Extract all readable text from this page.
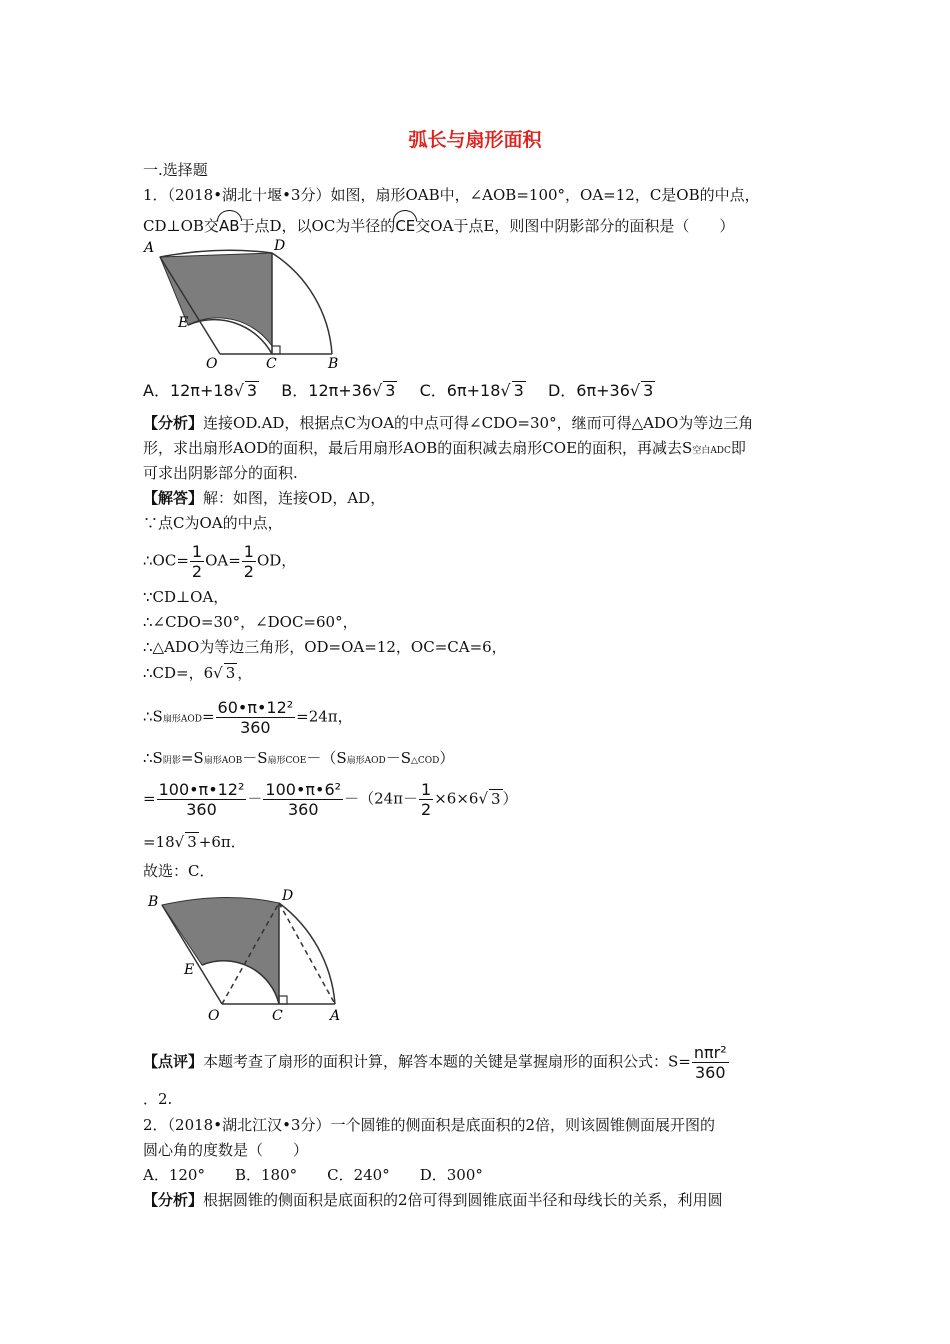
弧长与扇形面积
一.选择题
1．（2018•湖北十堰•3分）如图，扇形OAB中，∠AOB=100°，OA=12，C是OB的中点，
CD⊥OB交AB于点D，以OC为半径的CE交OA于点E，则图中阴影部分的面积是（　　）
A	D
E
O	C	B
A．12π+18√ 3 B．12π+36√ 3 C．6π+18√ 3 D．6π+36√ 3
【分析】连接OD.AD，根据点C为OA的中点可得∠CDO=30°，继而可得△ADO为等边三角
形，求出扇形AOD的面积，最后用扇形AOB的面积减去扇形COE的面积，再减去S空白ADC即
可求出阴影部分的面积.
【解答】解：如图，连接OD，AD，
∵点C为OA的中点，
∴OC= $\frac{1}{2} OA= \frac{1}{2}$ OD，
∵CD⊥OA，
∴∠CDO=30°，∠DOC=60°，
∴△ADO为等边三角形，OD=OA=12，OC=CA=6，
∴CD=，6√ 3 ，
∴S扇形$AOD= \frac{\text{60•π•12²}}{360} =24\pi$，
∴S阴影=S扇形AOB－S扇形COE－（S扇形AOD－S△COD）
= $\frac{\text{100•π•12²}}{360} - \frac{\text{100•π•6²}}{360} -(24\pi- \frac{1}{2} \times 6\times 6√$ 3 ）
=18√ 3 +6π．
故选：C．
B	D
E
O	C	A
【点评】本题考查了扇形的面积计算，解答本题的关键是掌握扇形的面积公式：$S= \frac{\text{nπr²}}{360}$
．2.
2．（2018•湖北江汉•3分）一个圆锥的侧面积是底面积的2倍，则该圆锥侧面展开图的
圆心角的度数是（　　）
A．120°　　B．180°　　C．240°　　D．300°
【分析】根据圆锥的侧面积是底面积的2倍可得到圆锥底面半径和母线长的关系，利用圆
